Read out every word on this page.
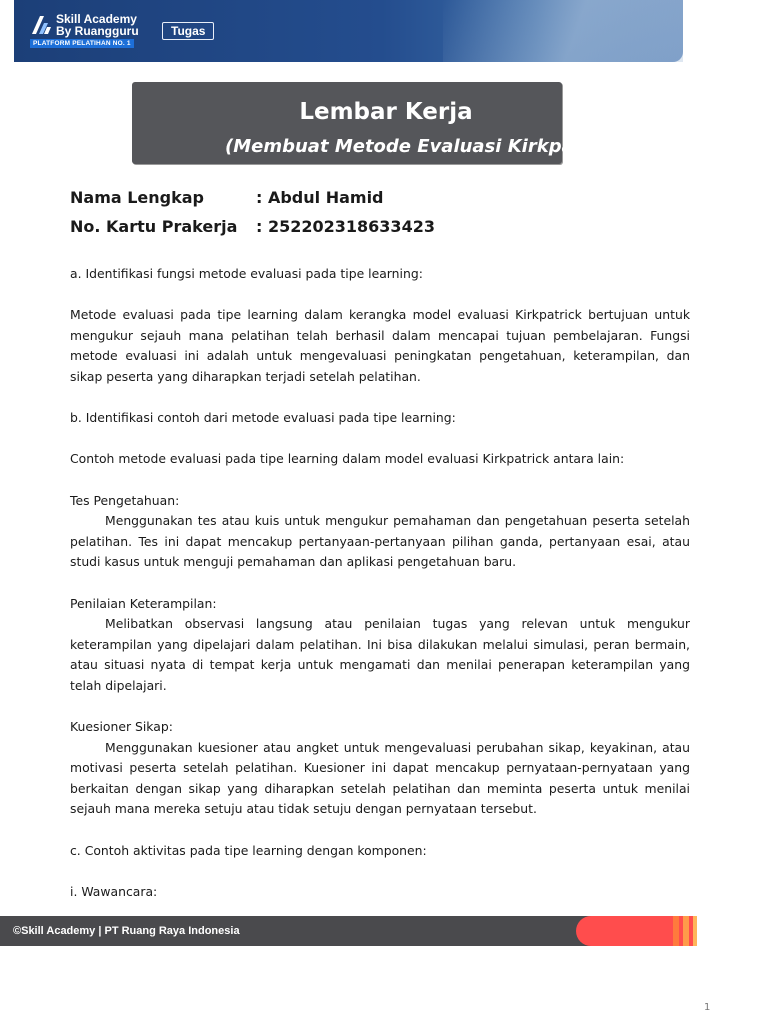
Skill Academy
By Ruangguru
PLATFORM PELATIHAN NO. 1
Tugas
Lembar Kerja
(Membuat Metode Evaluasi Kirkpatrick)
Nama Lengkap	: Abdul Hamid
No. Kartu Prakerja : 252202318633423

a. Identifikasi fungsi metode evaluasi pada tipe learning:

Metode evaluasi pada tipe learning dalam kerangka model evaluasi Kirkpatrick bertujuan untuk mengukur sejauh mana pelatihan telah berhasil dalam mencapai tujuan pembelajaran. Fungsi metode evaluasi ini adalah untuk mengevaluasi peningkatan pengetahuan, keterampilan, dan sikap peserta yang diharapkan terjadi setelah pelatihan.

b. Identifikasi contoh dari metode evaluasi pada tipe learning:

Contoh metode evaluasi pada tipe learning dalam model evaluasi Kirkpatrick antara lain:

Tes Pengetahuan:

Menggunakan tes atau kuis untuk mengukur pemahaman dan pengetahuan peserta setelah pelatihan. Tes ini dapat mencakup pertanyaan-pertanyaan pilihan ganda, pertanyaan esai, atau studi kasus untuk menguji pemahaman dan aplikasi pengetahuan baru.

Penilaian Keterampilan:

Melibatkan observasi langsung atau penilaian tugas yang relevan untuk mengukur keterampilan yang dipelajari dalam pelatihan. Ini bisa dilakukan melalui simulasi, peran bermain, atau situasi nyata di tempat kerja untuk mengamati dan menilai penerapan keterampilan yang telah dipelajari.

Kuesioner Sikap:

Menggunakan kuesioner atau angket untuk mengevaluasi perubahan sikap, keyakinan, atau motivasi peserta setelah pelatihan. Kuesioner ini dapat mencakup pernyataan-pernyataan yang berkaitan dengan sikap yang diharapkan setelah pelatihan dan meminta peserta untuk menilai sejauh mana mereka setuju atau tidak setuju dengan pernyataan tersebut.

c. Contoh aktivitas pada tipe learning dengan komponen:

i. Wawancara:

©Skill Academy | PT Ruang Raya Indonesia
1
